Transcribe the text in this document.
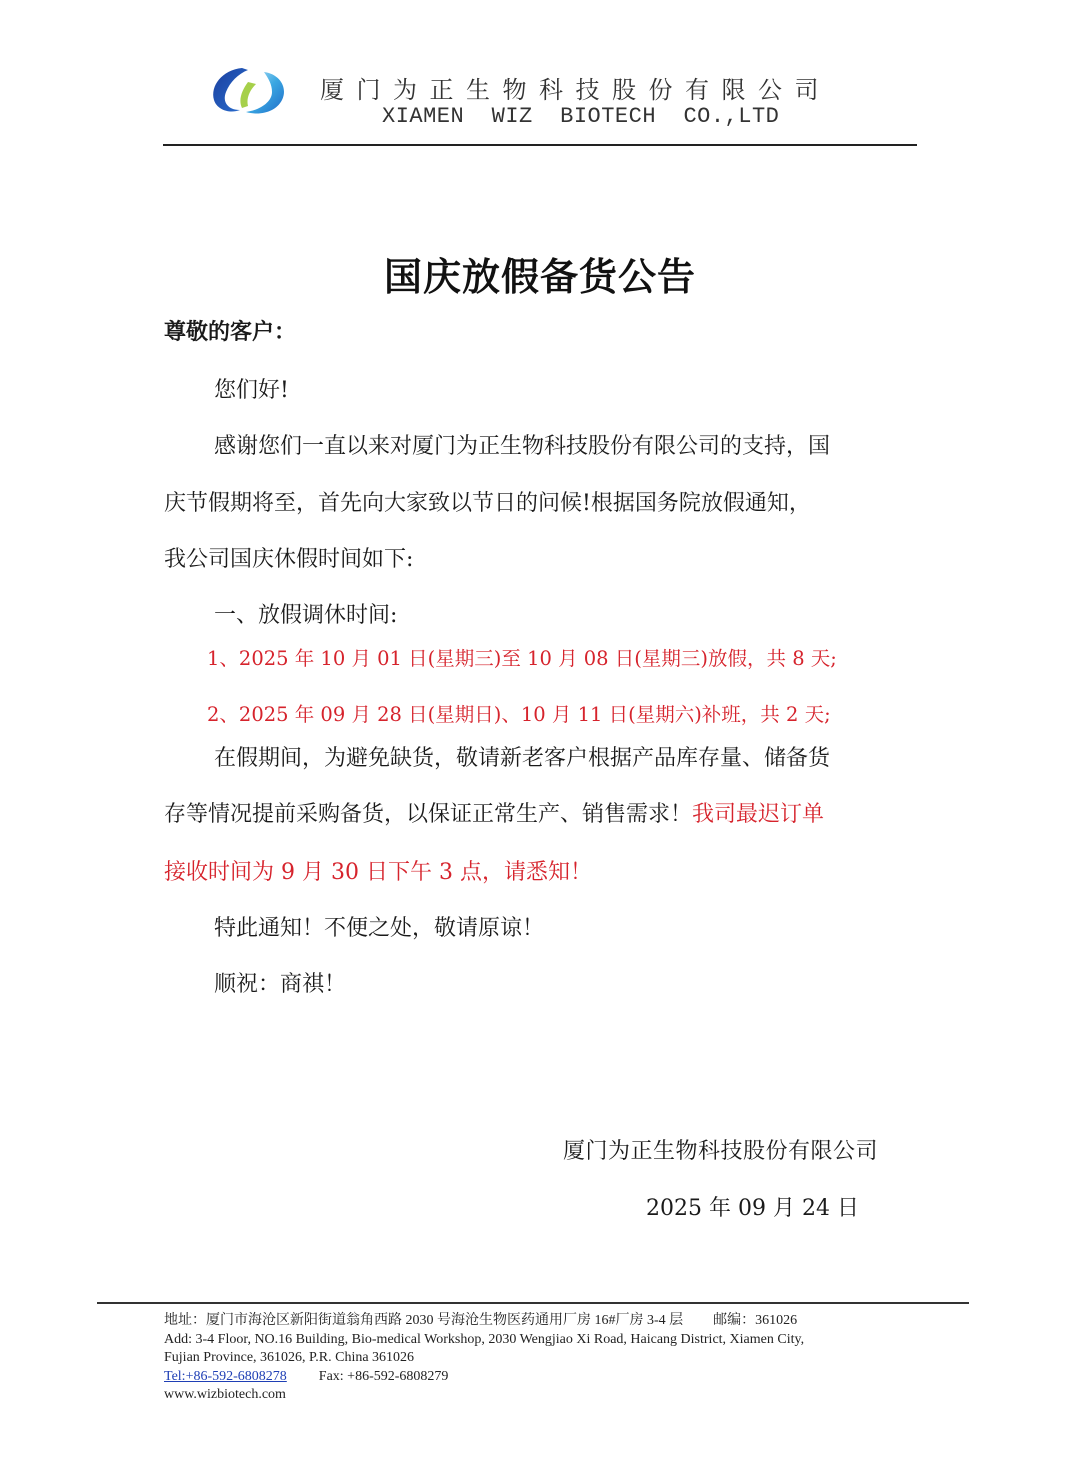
厦门为正生物科技股份有限公司
XIAMEN  WIZ  BIOTECH  CO.,LTD
国庆放假备货公告
尊敬的客户：
您们好!
感谢您们一直以来对厦门为正生物科技股份有限公司的支持，国
庆节假期将至，首先向大家致以节日的问候!根据国务院放假通知，
我公司国庆休假时间如下:
一、放假调休时间:
1、2025 年 10 月 01 日(星期三)至 10 月 08 日(星期三)放假，共 8 天;
2、2025 年 09 月 28 日(星期日)、10 月 11 日(星期六)补班，共 2 天;
在假期间，为避免缺货，敬请新老客户根据产品库存量、储备货
存等情况提前采购备货，以保证正常生产、销售需求！我司最迟订单
接收时间为 9 月 30 日下午 3 点，请悉知！
特此通知！不便之处，敬请原谅！
顺祝：商祺！
厦门为正生物科技股份有限公司
2025 年 09 月 24 日
地址：厦门市海沧区新阳街道翁角西路 2030 号海沧生物医药通用厂房 16#厂房 3-4 层 邮编：361026
Add: 3-4 Floor, NO.16 Building, Bio-medical Workshop, 2030 Wengjiao Xi Road, Haicang District, Xiamen City,
Fujian Province, 361026, P.R. China 361026
Tel:+86-592-6808278 Fax: +86-592-6808279
www.wizbiotech.com
